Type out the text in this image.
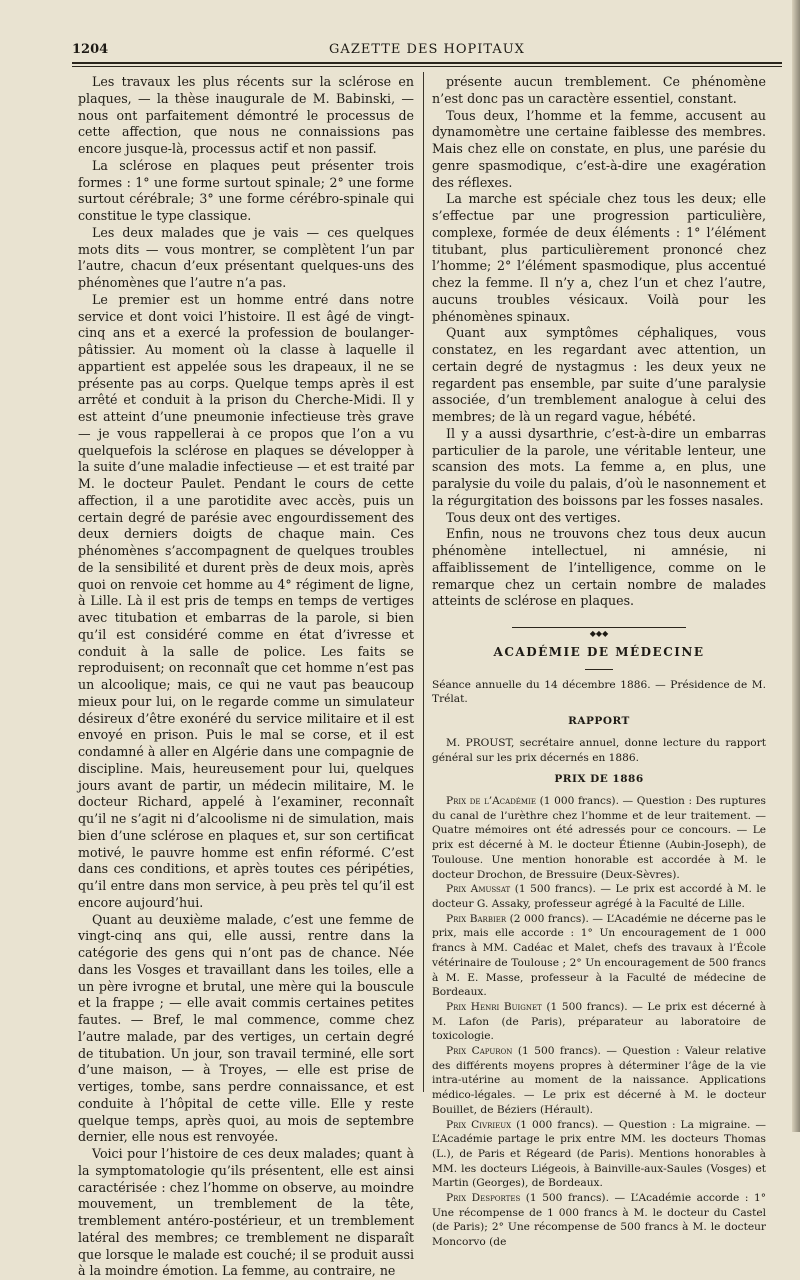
1204	GAZETTE DES HOPITAUX

Les travaux les plus récents sur la sclérose en plaques, — la thèse inaugurale de M. Babinski, — nous ont parfaitement démontré le processus de cette affection, que nous ne connaissions pas encore jusque-là, processus actif et non passif.

La sclérose en plaques peut présenter trois formes : 1° une forme surtout spinale; 2° une forme surtout cérébrale; 3° une forme cérébro-spinale qui constitue le type classique.

Les deux malades que je vais — ces quelques mots dits — vous montrer, se complètent l’un par l’autre, chacun d’eux présentant quelques-uns des phénomènes que l’autre n’a pas.

Le premier est un homme entré dans notre service et dont voici l’histoire. Il est âgé de vingt-cinq ans et a exercé la profession de boulanger-pâtissier. Au moment où la classe à laquelle il appartient est appelée sous les drapeaux, il ne se présente pas au corps. Quelque temps après il est arrêté et conduit à la prison du Cherche-Midi. Il y est atteint d’une pneumonie infectieuse très grave — je vous rappellerai à ce propos que l’on a vu quelquefois la sclérose en plaques se développer à la suite d’une maladie infectieuse — et est traité par M. le docteur Paulet. Pendant le cours de cette affection, il a une parotidite avec accès, puis un certain degré de parésie avec engourdissement des deux derniers doigts de chaque main. Ces phénomènes s’accompagnent de quelques troubles de la sensibilité et durent près de deux mois, après quoi on renvoie cet homme au 4° régiment de ligne, à Lille. Là il est pris de temps en temps de vertiges avec titubation et embarras de la parole, si bien qu’il est considéré comme en état d’ivresse et conduit à la salle de police. Les faits se reproduisent; on reconnaît que cet homme n’est pas un alcoolique; mais, ce qui ne vaut pas beaucoup mieux pour lui, on le regarde comme un simulateur désireux d’être exonéré du service militaire et il est envoyé en prison. Puis le mal se corse, et il est condamné à aller en Algérie dans une compagnie de discipline. Mais, heureusement pour lui, quelques jours avant de partir, un médecin militaire, M. le docteur Richard, appelé à l’examiner, reconnaît qu’il ne s’agit ni d’alcoolisme ni de simulation, mais bien d’une sclérose en plaques et, sur son certificat motivé, le pauvre homme est enfin réformé. C’est dans ces conditions, et après toutes ces péripéties, qu’il entre dans mon service, à peu près tel qu’il est encore aujourd’hui.

Quant au deuxième malade, c’est une femme de vingt-cinq ans qui, elle aussi, rentre dans la catégorie des gens qui n’ont pas de chance. Née dans les Vosges et travaillant dans les toiles, elle a un père ivrogne et brutal, une mère qui la bouscule et la frappe ; — elle avait commis certaines petites fautes. — Bref, le mal commence, comme chez l’autre malade, par des vertiges, un certain degré de titubation. Un jour, son travail terminé, elle sort d’une maison, — à Troyes, — elle est prise de vertiges, tombe, sans perdre connaissance, et est conduite à l’hôpital de cette ville. Elle y reste quelque temps, après quoi, au mois de septembre dernier, elle nous est renvoyée.

Voici pour l’histoire de ces deux malades; quant à la symptomatologie qu’ils présentent, elle est ainsi caractérisée : chez l’homme on observe, au moindre mouvement, un tremblement de la tête, tremblement antéro-postérieur, et un tremblement latéral des membres; ce tremblement ne disparaît que lorsque le malade est couché; il se produit aussi à la moindre émotion. La femme, au contraire, ne

présente aucun tremblement. Ce phénomène n’est donc pas un caractère essentiel, constant.

Tous deux, l’homme et la femme, accusent au dynamomètre une certaine faiblesse des membres. Mais chez elle on constate, en plus, une parésie du genre spasmodique, c’est-à-dire une exagération des réflexes.

La marche est spéciale chez tous les deux; elle s’effectue par une progression particulière, complexe, formée de deux éléments : 1° l’élément titubant, plus particulièrement prononcé chez l’homme; 2° l’élément spasmodique, plus accentué chez la femme. Il n’y a, chez l’un et chez l’autre, aucuns troubles vésicaux. Voilà pour les phénomènes spinaux.

Quant aux symptômes céphaliques, vous constatez, en les regardant avec attention, un certain degré de nystagmus : les deux yeux ne regardent pas ensemble, par suite d’une paralysie associée, d’un tremblement analogue à celui des membres; de là un regard vague, hébété.

Il y a aussi dysarthrie, c’est-à-dire un embarras particulier de la parole, une véritable lenteur, une scansion des mots. La femme a, en plus, une paralysie du voile du palais, d’où le nasonnement et la régurgitation des boissons par les fosses nasales.

Tous deux ont des vertiges.

Enfin, nous ne trouvons chez tous deux aucun phénomène intellectuel, ni amnésie, ni affaiblissement de l’intelligence, comme on le remarque chez un certain nombre de malades atteints de sclérose en plaques.

◆◆◆
ACADÉMIE DE MÉDECINE

Séance annuelle du 14 décembre 1886. — Présidence de M. Trélat.

RAPPORT

M. PROUST, secrétaire annuel, donne lecture du rapport général sur les prix décernés en 1886.

PRIX DE 1886

Prix de l’Académie (1 000 francs). — Question : Des ruptures du canal de l’urèthre chez l’homme et de leur traitement. — Quatre mémoires ont été adressés pour ce concours. — Le prix est décerné à M. le docteur Étienne (Aubin-Joseph), de Toulouse. Une mention honorable est accordée à M. le docteur Drochon, de Bressuire (Deux-Sèvres).

Prix Amussat (1 500 francs). — Le prix est accordé à M. le docteur G. Assaky, professeur agrégé à la Faculté de Lille.

Prix Barbier (2 000 francs). — L’Académie ne décerne pas le prix, mais elle accorde : 1° Un encouragement de 1 000 francs à MM. Cadéac et Malet, chefs des travaux à l’École vétérinaire de Toulouse ; 2° Un encouragement de 500 francs à M. E. Masse, professeur à la Faculté de médecine de Bordeaux.

Prix Henri Buignet (1 500 francs). — Le prix est décerné à M. Lafon (de Paris), préparateur au laboratoire de toxicologie.

Prix Capuron (1 500 francs). — Question : Valeur relative des différents moyens propres à déterminer l’âge de la vie intra-utérine au moment de la naissance. Applications médico-légales. — Le prix est décerné à M. le docteur Bouillet, de Béziers (Hérault).

Prix Civrieux (1 000 francs). — Question : La migraine. — L’Académie partage le prix entre MM. les docteurs Thomas (L.), de Paris et Régeard (de Paris). Mentions honorables à MM. les docteurs Liégeois, à Bainville-aux-Saules (Vosges) et Martin (Georges), de Bordeaux.

Prix Desportes (1 500 francs). — L’Académie accorde : 1° Une récompense de 1 000 francs à M. le docteur du Castel (de Paris); 2° Une récompense de 500 francs à M. le docteur Moncorvo (de
